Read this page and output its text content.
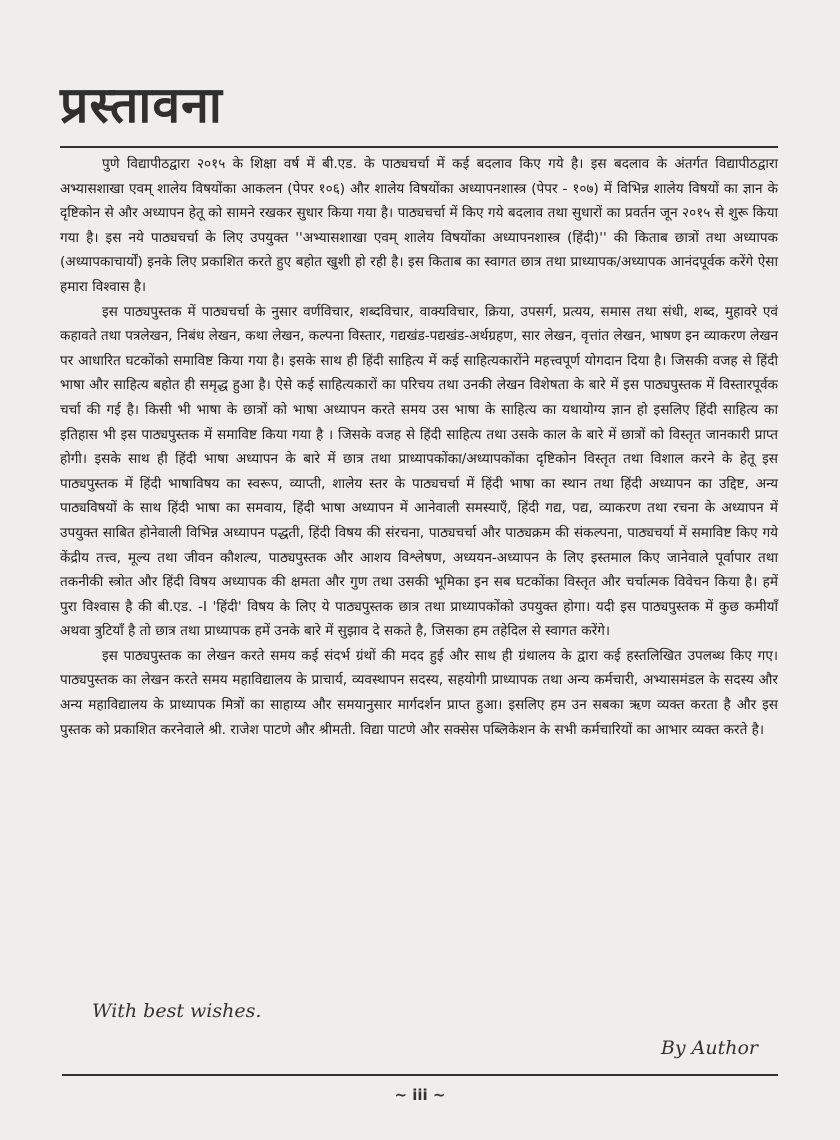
प्रस्तावना

पुणे विद्यापीठद्वारा २०१५ के शिक्षा वर्ष में बी.एड. के पाठ्यचर्चा में कई बदलाव किए गये है। इस बदलाव के अंतर्गत विद्यापीठद्वारा अभ्यासशाखा एवम् शालेय विषयोंका आकलन (पेपर १०६) और शालेय विषयोंका अध्यापनशास्त्र (पेपर - १०७) में विभिन्न शालेय विषयों का ज्ञान के दृष्टिकोन से और अध्यापन हेतू को सामने रखकर सुधार किया गया है। पाठ्यचर्चा में किए गये बदलाव तथा सुधारों का प्रवर्तन जून २०१५ से शुरू किया गया है। इस नये पाठ्यचर्चा के लिए उपयुक्त ''अभ्यासशाखा एवम् शालेय विषयोंका अध्यापनशास्त्र (हिंदी)'' की किताब छात्रों तथा अध्यापक (अध्यापकाचार्यों) इनके लिए प्रकाशित करते हुए बहोत खुशी हो रही है। इस किताब का स्वागत छात्र तथा प्राध्यापक/अध्यापक आनंदपूर्वक करेंगे ऐसा हमारा विश्वास है।

इस पाठ्यपुस्तक में पाठ्यचर्चा के नुसार वर्णविचार, शब्दविचार, वाक्यविचार, क्रिया, उपसर्ग, प्रत्यय, समास तथा संधी, शब्द, मुहावरे एवं कहावते तथा पत्रलेखन, निबंध लेखन, कथा लेखन, कल्पना विस्तार, गद्यखंड-पद्यखंड-अर्थग्रहण, सार लेखन, वृत्तांत लेखन, भाषण इन व्याकरण लेखन पर आधारित घटकोंको समाविष्ट किया गया है। इसके साथ ही हिंदी साहित्य में कई साहित्यकारोंने महत्त्वपूर्ण योगदान दिया है। जिसकी वजह से हिंदी भाषा और साहित्य बहोत ही समृद्ध हुआ है। ऐसे कई साहित्यकारों का परिचय तथा उनकी लेखन विशेषता के बारे में इस पाठ्यपुस्तक में विस्तारपूर्वक चर्चा की गई है। किसी भी भाषा के छात्रों को भाषा अध्यापन करते समय उस भाषा के साहित्य का यथायोग्य ज्ञान हो इसलिए हिंदी साहित्य का इतिहास भी इस पाठ्यपुस्तक में समाविष्ट किया गया है । जिसके वजह से हिंदी साहित्य तथा उसके काल के बारे में छात्रों को विस्तृत जानकारी प्राप्त होगी। इसके साथ ही हिंदी भाषा अध्यापन के बारे में छात्र तथा प्राध्यापकोंका/अध्यापकोंका दृष्टिकोन विस्तृत तथा विशाल करने के हेतू इस पाठ्यपुस्तक में हिंदी भाषाविषय का स्वरूप, व्याप्ती, शालेय स्तर के पाठ्यचर्चा में हिंदी भाषा का स्थान तथा हिंदी अध्यापन का उद्दिष्ट, अन्य पाठ्यविषयों के साथ हिंदी भाषा का समवाय, हिंदी भाषा अध्यापन में आनेवाली समस्याएँ, हिंदी गद्य, पद्य, व्याकरण तथा रचना के अध्यापन में उपयुक्त साबित होनेवाली विभिन्न अध्यापन पद्धती, हिंदी विषय की संरचना, पाठ्यचर्चा और पाठ्यक्रम की संकल्पना, पाठ्यचर्या में समाविष्ट किए गये केंद्रीय तत्त्व, मूल्य तथा जीवन कौशल्य, पाठ्यपुस्तक और आशय विश्लेषण, अध्ययन-अध्यापन के लिए इस्तमाल किए जानेवाले पूर्वापार तथा तकनीकी स्त्रोत और हिंदी विषय अध्यापक की क्षमता और गुण तथा उसकी भूमिका इन सब घटकोंका विस्तृत और चर्चात्मक विवेचन किया है। हमें पुरा विश्वास है की बी.एड. -I 'हिंदी' विषय के लिए ये पाठ्यपुस्तक छात्र तथा प्राध्यापकोंको उपयुक्त होगा। यदी इस पाठ्यपुस्तक में कुछ कमीयाँ अथवा त्रुटियाँ है तो छात्र तथा प्राध्यापक हमें उनके बारे में सुझाव दे सकते है, जिसका हम तहेदिल से स्वागत करेंगे।

इस पाठ्यपुस्तक का लेखन करते समय कई संदर्भ ग्रंथों की मदद हुई और साथ ही ग्रंथालय के द्वारा कई हस्तलिखित उपलब्ध किए गए। पाठ्यपुस्तक का लेखन करते समय महाविद्यालय के प्राचार्य, व्यवस्थापन सदस्य, सहयोगी प्राध्यापक तथा अन्य कर्मचारी, अभ्यासमंडल के सदस्य और अन्य महाविद्यालय के प्राध्यापक मित्रों का साहाय्य और समयानुसार मार्गदर्शन प्राप्त हुआ। इसलिए हम उन सबका ऋण व्यक्त करता है और इस पुस्तक को प्रकाशित करनेवाले श्री. राजेश पाटणे और श्रीमती. विद्या पाटणे और सक्सेस पब्लिकेशन के सभी कर्मचारियों का आभार व्यक्त करते है।

With best wishes.
By Author
~ iii ~
